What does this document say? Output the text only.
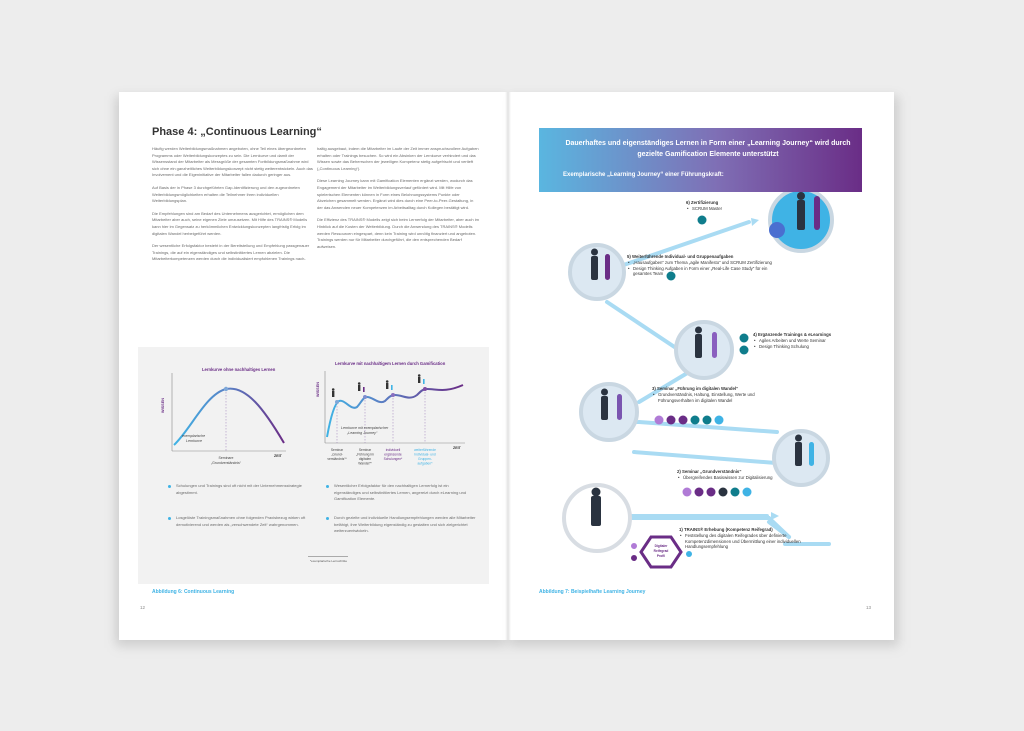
Phase 4: „Continuous Learning“

Häufig werden Weiterbildungsmaßnahmen angeboten, ohne Teil eines übergeordneten Programms oder Weiterbildungskonzeptes zu sein. Die Lernkurve und damit der Wissensstand der Mitarbeiter als Messgröße der gesamten Fortbildungsmaßnahme wird sich ohne ein ganzheitliches Weiterbildungskonzept nicht stetig weiterentwickeln. Auch das Involvement und die Eigeninitiative der Mitarbeiter fallen dadurch geringer aus.

Auf Basis der in Phase 3 durchgeführten Gap-Identifizierung und den zugeordneten Weiterbildungsmöglichkeiten erhalten die Teilnehmer ihren individuellen Weiterbildungsplan.

Die Empfehlungen sind am Bedarf des Unternehmens ausgerichtet, ermöglichen dem Mitarbeiter aber auch, seine eigenen Ziele umzusetzen. Mit Hilfe des TRAINS® Modells kann hier im Gegensatz zu herkömmlichen Entwicklungskonzepten langfristig Erfolg im digitalen Wandel herbeigeführt werden.

Der wesentliche Erfolgsfaktor besteht in der Bereitstellung und Empfehlung passgenauer Trainings, die auf ein eigenständiges und selbstinitiiertes Lernen abzielen. Die Mitarbeiterkompetenzen werden durch die individualisiert empfohlenen Trainings nach-

haltig ausgebaut, indem die Mitarbeiter im Laufe der Zeit immer anspruchsvollere Aufgaben erhalten oder Trainings besuchen. So wird ein Absinken der Lernkurve verhindert und das Wissen sowie das Beherrschen der jeweiligen Kompetenz stetig aufgefrischt und vertieft („Continuous Learning“).

Diese Learning Journey kann mit Gamification Elementen ergänzt werden, wodurch das Engagement der Mitarbeiter im Weiterbildungsverlauf gefördert wird. Mit Hilfe von spielerischen Elementen können in Form eines Belohnungssystems Punkte oder Abzeichen gesammelt werden. Ergänzt wird dies durch eine Peer-to-Peer-Gestaltung, in der das Anwenden neuer Kompetenzen im Arbeitsalltag durch Kollegen bestätigt wird.

Die Effizienz des TRAINS® Modells zeigt sich beim Lernerfolg der Mitarbeiter, aber auch im Hinblick auf die Kosten der Weiterbildung. Durch die Anwendung des TRAINS® Modells werden Ressourcen eingespart, denn kein Training wird unnötig finanziert und angeboten. Trainings werden nur für Mitarbeiter durchgeführt, die den entsprechenden Bedarf aufweisen.

Lernkurve ohne nachhaltiges Lernen
WISSEN
ZEIT
exemplarische
Lernkurve
Seminare
„Grundverständnis“
Lernkurve mit nachhaltigem Lernen durch Gamification
WISSEN
ZEIT
Lernkurve mit exemplarischer
„Learning Journey“
Seminar
„Grund-
verständnis“*
Seminar
„Führung im
digitalen
Wandel“*
individuell
ergänzende
Schulungen*
weiterführende
Individual- und
Gruppen-
aufgaben*
Schulungen und Trainings sind oft nicht mit der Unternehmensstrategie abgestimmt.
Losgelöste Trainingsmaßnahmen ohne folgenden Praxisbezug wirken oft demotivierend und werden als „verschwendete Zeit“ wahrgenommen.
Wesentlicher Erfolgsfaktor für den nachhaltigen Lernerfolg ist ein eigenständiges und selbstinitiiertes Lernen, angereizt durch eLearning und Gamification Elemente.
Durch gezielte und individuelle Handlungsempfehlungen werden alle Mitarbeiter befähigt, ihre Weiterbildung eigenständig zu gestalten und sich zielgerichtet weiterzuentwickeln.
*exemplarische Lernschritte
Abbildung 6: Continuous Learning
12
Dauerhaftes und eigenständiges Lernen in Form einer „Learning Journey“ wird durch gezielte Gamification Elemente unterstützt
Exemplarische „Learning Journey“ einer Führungskraft:
Digitaler
Reifegrad
Profil
6) Zertifizierung
• SCRUM Master
5) Weiterführende Individual- und Gruppenaufgaben
• „Hausaufgaben“ zum Thema „agile Manifesto“ und SCRUM Zertifizierung
• Design Thinking Aufgaben in Form einer „Real-Life Case Study“ für ein gesamtes Team
4) Ergänzende Trainings & eLearnings
• Agiles Arbeiten und Werte Seminar
• Design Thinking Schulung
3) Seminar „Führung im digitalen Wandel“
• Grundverständnis, Haltung, Einstellung, Werte und Führungsverhalten im digitalen Wandel
2) Seminar „Grundverständnis“
• Übergreifendes Basiswissen zur Digitalisierung
1) TRAINS® Erhebung (Kompetenz Reifegrad)
• Feststellung des digitalen Reifegrades über definierte Kompetenzdimensionen und Übermittlung einer individuellen Handlungsempfehlung
Abbildung 7: Beispielhafte Learning Journey
13
